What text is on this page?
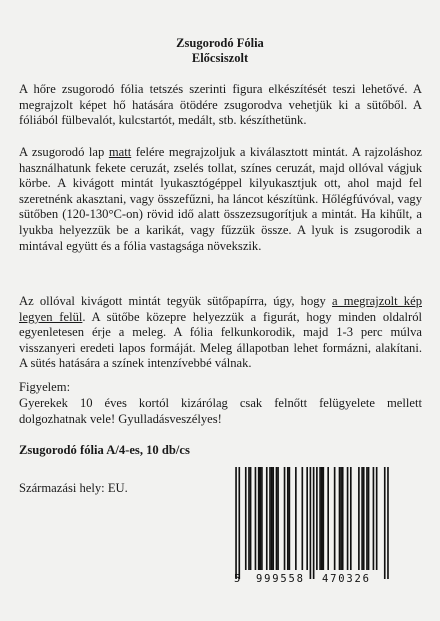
Zsugorodó Fólia
Előcsiszolt

A hőre zsugorodó fólia tetszés szerinti figura elkészítését teszi lehetővé. A megrajzolt képet hő hatására ötödére zsugorodva vehetjük ki a sütőből. A fóliából fülbevalót, kulcstartót, medált, stb. készíthetünk.

A zsugorodó lap matt felére megrajzoljuk a kiválasztott mintát. A rajzoláshoz használhatunk fekete ceruzát, zselés tollat, színes ceruzát, majd ollóval vágjuk körbe. A kivágott mintát lyukasztógéppel kilyukasztjuk ott, ahol majd fel szeretnénk akasztani, vagy összefűzni, ha láncot készítünk. Hőlégfúvóval, vagy sütőben (120-130°C-on) rövid idő alatt összezsugorítjuk a mintát. Ha kihűlt, a lyukba helyezzük be a karikát, vagy fűzzük össze. A lyuk is zsugorodik a mintával együtt és a fólia vastagsága növekszik.

Az ollóval kivágott mintát tegyük sütőpapírra, úgy, hogy a megrajzolt kép legyen felül. A sütőbe közepre helyezzük a figurát, hogy minden oldalról egyenletesen érje a meleg. A fólia felkunkorodik, majd 1-3 perc múlva visszanyeri eredeti lapos formáját. Meleg állapotban lehet formázni, alakítani. A sütés hatására a színek intenzívebbé válnak.

Figyelem:

Gyerekek 10 éves kortól kizárólag csak felnőtt felügyelete mellett dolgozhatnak vele! Gyulladásveszélyes!

Zsugorodó fólia A/4-es, 10 db/cs

Származási hely: EU.

5 999558 470326
